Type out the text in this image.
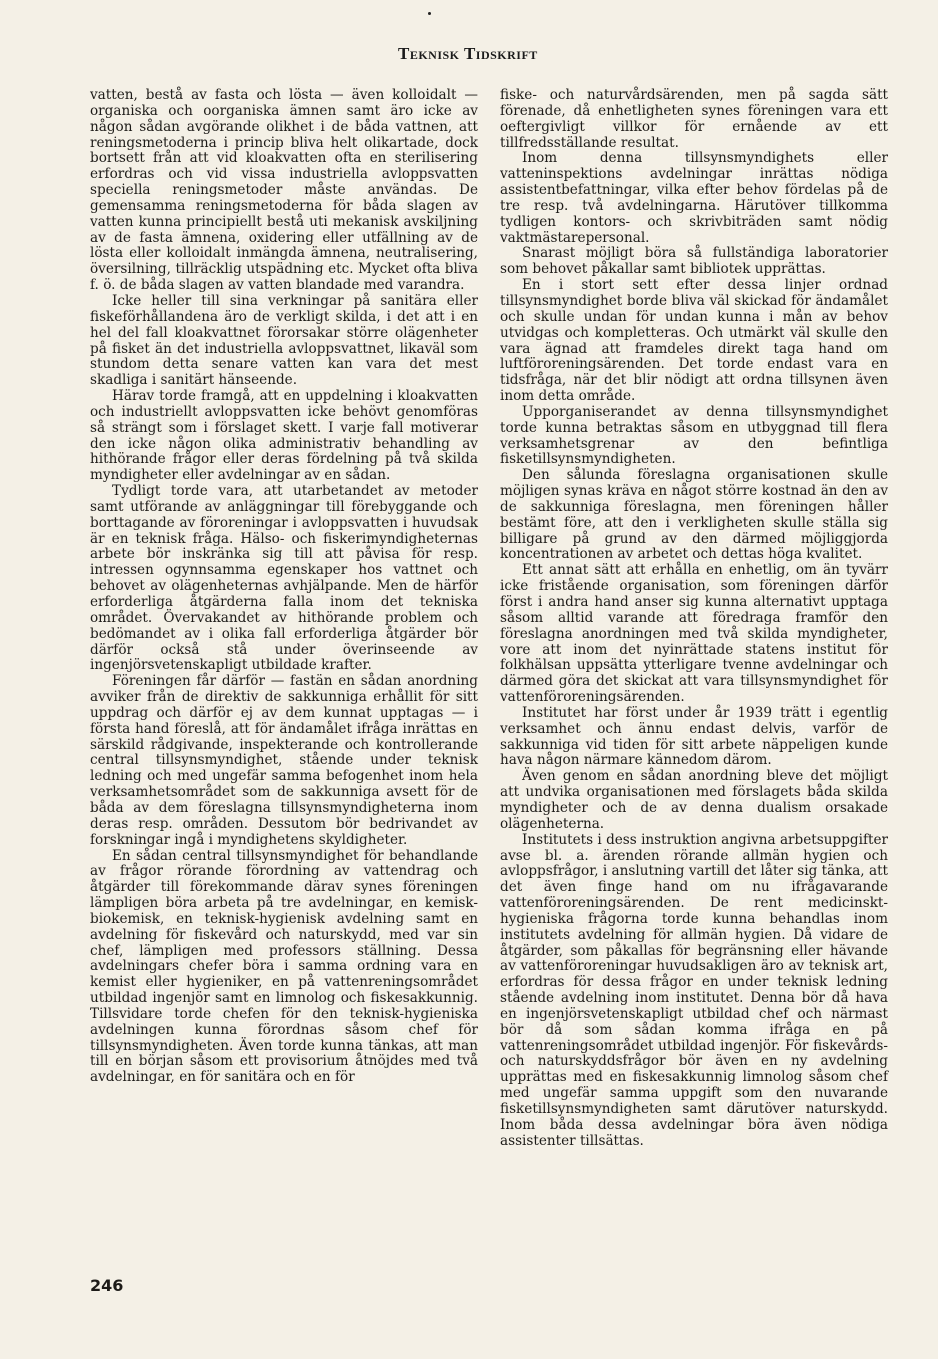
Teknisk Tidskrift

vatten, bestå av fasta och lösta — även kolloidalt — organiska och oorganiska ämnen samt äro icke av någon sådan avgörande olikhet i de båda vattnen, att reningsmetoderna i princip bliva helt olikartade, dock bortsett från att vid kloakvatten ofta en sterilisering erfordras och vid vissa industriella avloppsvatten speciella reningsmetoder måste användas. De gemensamma reningsmetoderna för båda slagen av vatten kunna principiellt bestå uti mekanisk avskiljning av de fasta ämnena, oxidering eller utfällning av de lösta eller kolloidalt inmängda ämnena, neutralisering, översilning, tillräcklig utspädning etc. Mycket ofta bliva f. ö. de båda slagen av vatten blandade med varandra.

Icke heller till sina verkningar på sanitära eller fiskeförhållandena äro de verkligt skilda, i det att i en hel del fall kloakvattnet förorsakar större olägenheter på fisket än det industriella avloppsvattnet, likaväl som stundom detta senare vatten kan vara det mest skadliga i sanitärt hänseende.

Härav torde framgå, att en uppdelning i kloakvatten och industriellt avloppsvatten icke behövt genomföras så strängt som i förslaget skett. I varje fall motiverar den icke någon olika administrativ behandling av hithörande frågor eller deras fördelning på två skilda myndigheter eller avdelningar av en sådan.

Tydligt torde vara, att utarbetandet av metoder samt utförande av anläggningar till förebyggande och borttagande av föroreningar i avloppsvatten i huvudsak är en teknisk fråga. Hälso- och fiskerimyndigheternas arbete bör inskränka sig till att påvisa för resp. intressen ogynnsamma egenskaper hos vattnet och behovet av olägenheternas avhjälpande. Men de härför erforderliga åtgärderna falla inom det tekniska området. Övervakandet av hithörande problem och bedömandet av i olika fall erforderliga åtgärder bör därför också stå under överinseende av ingenjörsvetenskapligt utbildade krafter.

Föreningen får därför — fastän en sådan anordning avviker från de direktiv de sakkunniga erhållit för sitt uppdrag och därför ej av dem kunnat upptagas — i första hand föreslå, att för ändamålet ifråga inrättas en särskild rådgivande, inspekterande och kontrollerande central tillsynsmyndighet, stående under teknisk ledning och med ungefär samma befogenhet inom hela verksamhetsområdet som de sakkunniga avsett för de båda av dem föreslagna tillsynsmyndigheterna inom deras resp. områden. Dessutom bör bedrivandet av forskningar ingå i myndighetens skyldigheter.

En sådan central tillsynsmyndighet för behandlande av frågor rörande förordning av vattendrag och åtgärder till förekommande därav synes föreningen lämpligen böra arbeta på tre avdelningar, en kemisk-biokemisk, en teknisk-hygienisk avdelning samt en avdelning för fiskevård och naturskydd, med var sin chef, lämpligen med professors ställning. Dessa avdelningars chefer böra i samma ordning vara en kemist eller hygieniker, en på vattenreningsområdet utbildad ingenjör samt en limnolog och fiskesakkunnig. Tillsvidare torde chefen för den teknisk-hygieniska avdelningen kunna förordnas såsom chef för tillsynsmyndigheten. Även torde kunna tänkas, att man till en början såsom ett provisorium åtnöjdes med två avdelningar, en för sanitära och en för

fiske- och naturvårdsärenden, men på sagda sätt förenade, då enhetligheten synes föreningen vara ett oeftergivligt villkor för ernående av ett tillfredsställande resultat.

Inom denna tillsynsmyndighets eller vatteninspektions avdelningar inrättas nödiga assistentbefattningar, vilka efter behov fördelas på de tre resp. två avdelningarna. Härutöver tillkomma tydligen kontors- och skrivbiträden samt nödig vaktmästarepersonal.

Snarast möjligt böra så fullständiga laboratorier som behovet påkallar samt bibliotek upprättas.

En i stort sett efter dessa linjer ordnad tillsynsmyndighet borde bliva väl skickad för ändamålet och skulle undan för undan kunna i mån av behov utvidgas och kompletteras. Och utmärkt väl skulle den vara ägnad att framdeles direkt taga hand om luftföroreningsärenden. Det torde endast vara en tidsfråga, när det blir nödigt att ordna tillsynen även inom detta område.

Upporganiserandet av denna tillsynsmyndighet torde kunna betraktas såsom en utbyggnad till flera verksamhetsgrenar av den befintliga fisketillsynsmyndigheten.

Den sålunda föreslagna organisationen skulle möjligen synas kräva en något större kostnad än den av de sakkunniga föreslagna, men föreningen håller bestämt före, att den i verkligheten skulle ställa sig billigare på grund av den därmed möjliggjorda koncentrationen av arbetet och dettas höga kvalitet.

Ett annat sätt att erhålla en enhetlig, om än tyvärr icke fristående organisation, som föreningen därför först i andra hand anser sig kunna alternativt upptaga såsom alltid varande att föredraga framför den föreslagna anordningen med två skilda myndigheter, vore att inom det nyinrättade statens institut för folkhälsan uppsätta ytterligare tvenne avdelningar och därmed göra det skickat att vara tillsynsmyndighet för vattenföroreningsärenden.

Institutet har först under år 1939 trätt i egentlig verksamhet och ännu endast delvis, varför de sakkunniga vid tiden för sitt arbete näppeligen kunde hava någon närmare kännedom därom.

Även genom en sådan anordning bleve det möjligt att undvika organisationen med förslagets båda skilda myndigheter och de av denna dualism orsakade olägenheterna.

Institutets i dess instruktion angivna arbetsuppgifter avse bl. a. ärenden rörande allmän hygien och avloppsfrågor, i anslutning vartill det låter sig tänka, att det även finge hand om nu ifrågavarande vattenföroreningsärenden. De rent medicinskt-hygieniska frågorna torde kunna behandlas inom institutets avdelning för allmän hygien. Då vidare de åtgärder, som påkallas för begränsning eller hävande av vattenföroreningar huvudsakligen äro av teknisk art, erfordras för dessa frågor en under teknisk ledning stående avdelning inom institutet. Denna bör då hava en ingenjörsvetenskapligt utbildad chef och närmast bör då som sådan komma ifråga en på vattenreningsområdet utbildad ingenjör. För fiskevårds- och naturskyddsfrågor bör även en ny avdelning upprättas med en fiskesakkunnig limnolog såsom chef med ungefär samma uppgift som den nuvarande fisketillsynsmyndigheten samt därutöver naturskydd. Inom båda dessa avdelningar böra även nödiga assistenter tillsättas.

246
